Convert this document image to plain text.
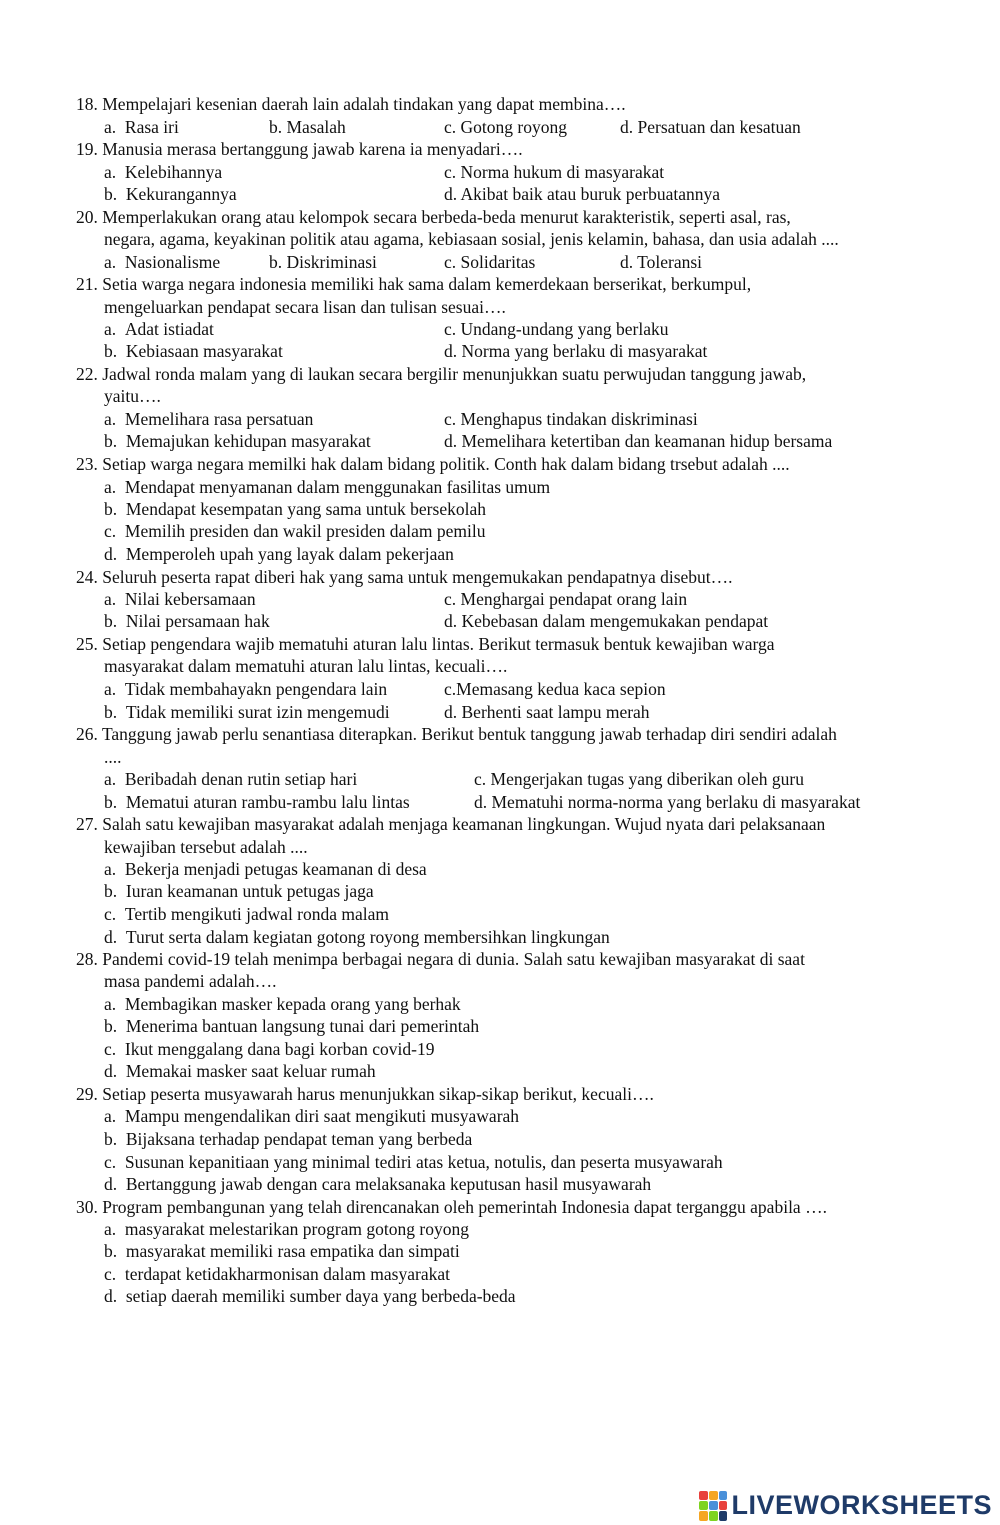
18. Mempelajari kesenian daerah lain adalah tindakan yang dapat membina….
a. Rasa iri	b. Masalah	c. Gotong royong	d. Persatuan dan kesatuan
19. Manusia merasa bertanggung jawab karena ia menyadari….
a. Kelebihannya	c. Norma hukum di masyarakat
b. Kekurangannya	d. Akibat baik atau buruk perbuatannya
20. Memperlakukan orang atau kelompok secara berbeda-beda menurut karakteristik, seperti asal, ras,
negara, agama, keyakinan politik atau agama, kebiasaan sosial, jenis kelamin, bahasa, dan usia adalah ....
a. Nasionalisme	b. Diskriminasi	c. Solidaritas	d. Toleransi
21. Setia warga negara indonesia memiliki hak sama dalam kemerdekaan berserikat, berkumpul,
mengeluarkan pendapat secara lisan dan tulisan sesuai….
a. Adat istiadat	c. Undang-undang yang berlaku
b. Kebiasaan masyarakat	d. Norma yang berlaku di masyarakat
22. Jadwal ronda malam yang di laukan secara bergilir menunjukkan suatu perwujudan tanggung jawab,
yaitu….
a. Memelihara rasa persatuan	c. Menghapus tindakan diskriminasi
b. Memajukan kehidupan masyarakat	d. Memelihara ketertiban dan keamanan hidup bersama
23. Setiap warga negara memilki hak dalam bidang politik. Conth hak dalam bidang trsebut adalah ....
a. Mendapat menyamanan dalam menggunakan fasilitas umum
b. Mendapat kesempatan yang sama untuk bersekolah
c. Memilih presiden dan wakil presiden dalam pemilu
d. Memperoleh upah yang layak dalam pekerjaan
24. Seluruh peserta rapat diberi hak yang sama untuk mengemukakan pendapatnya disebut….
a. Nilai kebersamaan	c. Menghargai pendapat orang lain
b. Nilai persamaan hak	d. Kebebasan dalam mengemukakan pendapat
25. Setiap pengendara wajib mematuhi aturan lalu lintas. Berikut termasuk bentuk kewajiban warga
masyarakat dalam mematuhi aturan lalu lintas, kecuali….
a. Tidak membahayakn pengendara lain	c.Memasang kedua kaca sepion
b. Tidak memiliki surat izin mengemudi	d. Berhenti saat lampu merah
26. Tanggung jawab perlu senantiasa diterapkan. Berikut bentuk tanggung jawab terhadap diri sendiri adalah
....
a. Beribadah denan rutin setiap hari	c. Mengerjakan tugas yang diberikan oleh guru
b. Mematui aturan rambu-rambu lalu lintas	d. Mematuhi norma-norma yang berlaku di masyarakat
27. Salah satu kewajiban masyarakat adalah menjaga keamanan lingkungan. Wujud nyata dari pelaksanaan
kewajiban tersebut adalah ....
a. Bekerja menjadi petugas keamanan di desa
b. Iuran keamanan untuk petugas jaga
c. Tertib mengikuti jadwal ronda malam
d. Turut serta dalam kegiatan gotong royong membersihkan lingkungan
28. Pandemi covid-19 telah menimpa berbagai negara di dunia. Salah satu kewajiban masyarakat di saat
masa pandemi adalah….
a. Membagikan masker kepada orang yang berhak
b. Menerima bantuan langsung tunai dari pemerintah
c. Ikut menggalang dana bagi korban covid-19
d. Memakai masker saat keluar rumah
29. Setiap peserta musyawarah harus menunjukkan sikap-sikap berikut, kecuali….
a. Mampu mengendalikan diri saat mengikuti musyawarah
b. Bijaksana terhadap pendapat teman yang berbeda
c. Susunan kepanitiaan yang minimal tediri atas ketua, notulis, dan peserta musyawarah
d. Bertanggung jawab dengan cara melaksanaka keputusan hasil musyawarah
30. Program pembangunan yang telah direncanakan oleh pemerintah Indonesia dapat terganggu apabila ….
a. masyarakat melestarikan program gotong royong
b. masyarakat memiliki rasa empatika dan simpati
c. terdapat ketidakharmonisan dalam masyarakat
d. setiap daerah memiliki sumber daya yang berbeda-beda
LIVEWORKSHEETS
